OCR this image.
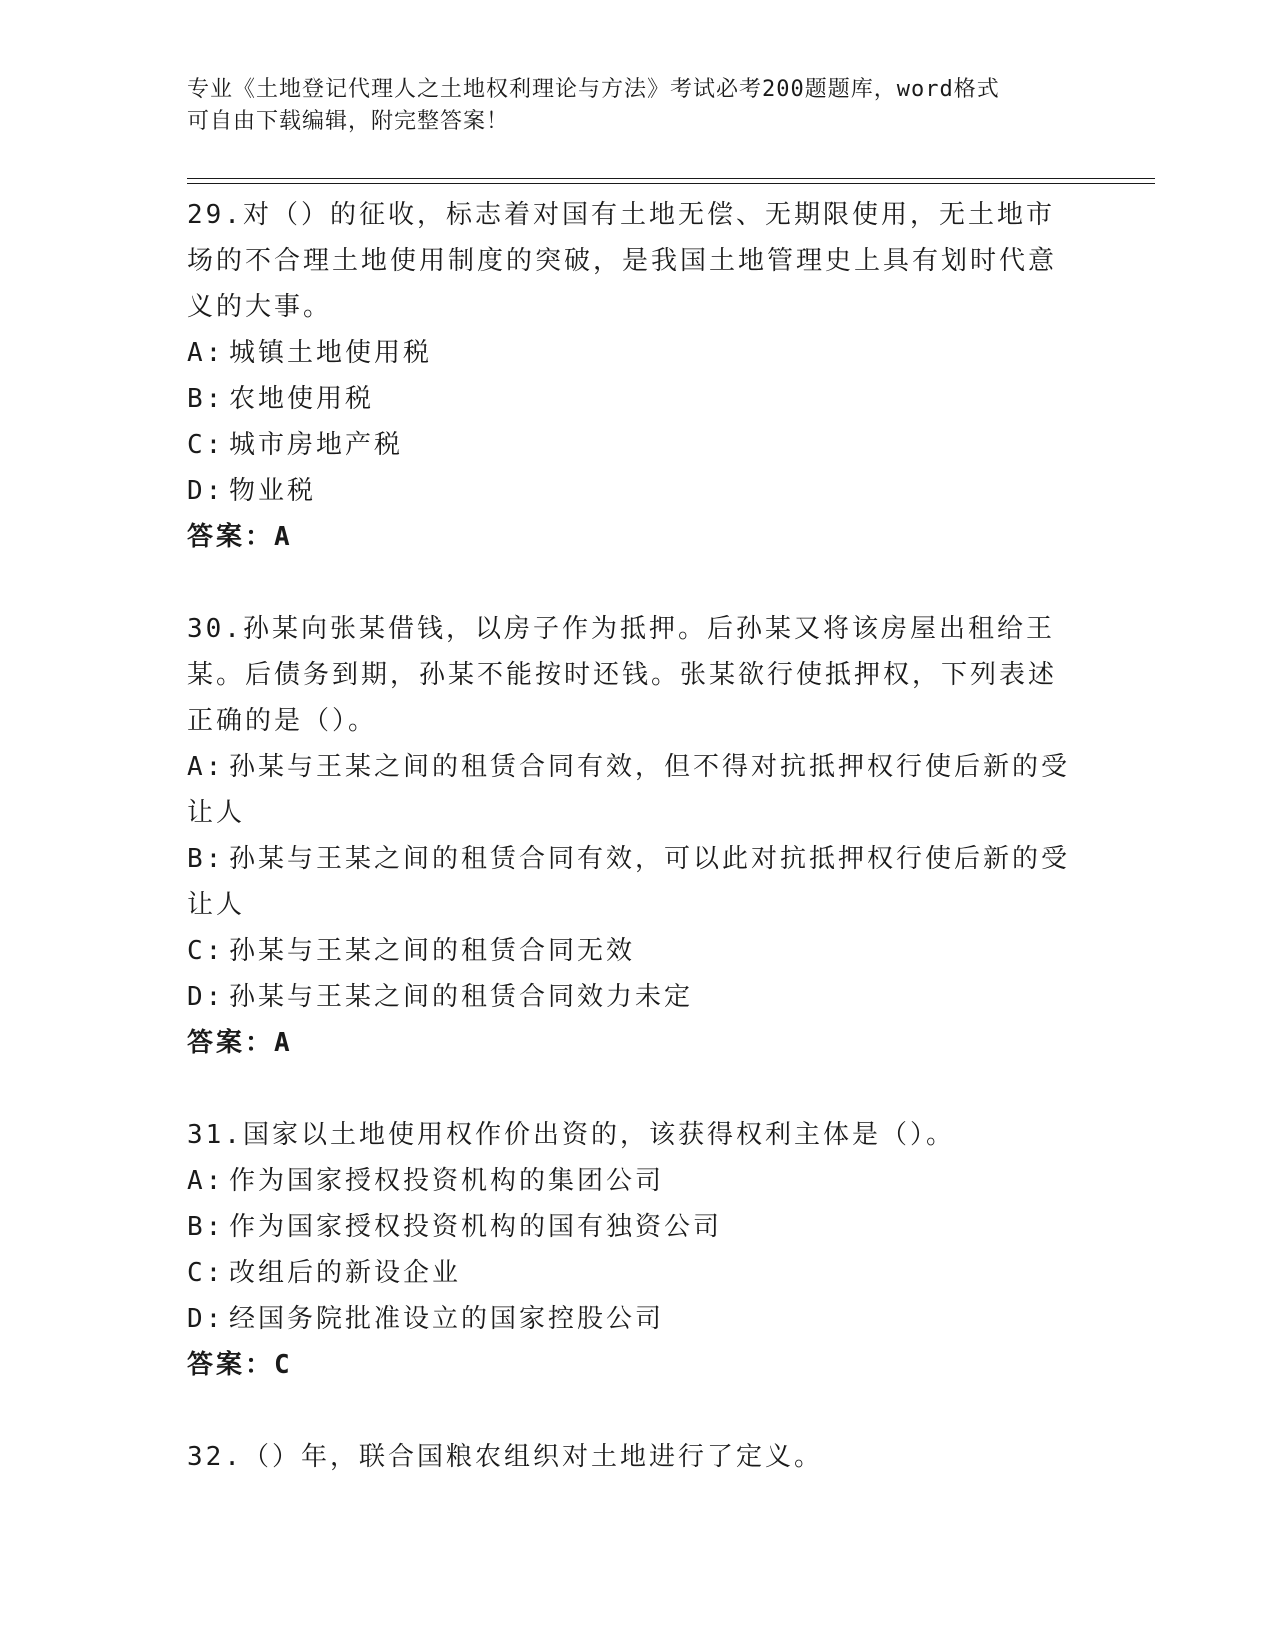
专业《土地登记代理人之土地权利理论与方法》考试必考200题题库，word格式
可自由下载编辑，附完整答案！

29.对（）的征收，标志着对国有土地无偿、无期限使用，无土地市场的不合理土地使用制度的突破，是我国土地管理史上具有划时代意义的大事。

A: 城镇土地使用税

B: 农地使用税

C: 城市房地产税

D: 物业税

答案：A

30.孙某向张某借钱，以房子作为抵押。后孙某又将该房屋出租给王某。后债务到期，孙某不能按时还钱。张某欲行使抵押权，下列表述正确的是（）。

A: 孙某与王某之间的租赁合同有效，但不得对抗抵押权行使后新的受让人

B: 孙某与王某之间的租赁合同有效，可以此对抗抵押权行使后新的受让人

C: 孙某与王某之间的租赁合同无效

D: 孙某与王某之间的租赁合同效力未定

答案：A

31.国家以土地使用权作价出资的，该获得权利主体是（）。

A: 作为国家授权投资机构的集团公司

B: 作为国家授权投资机构的国有独资公司

C: 改组后的新设企业

D: 经国务院批准设立的国家控股公司

答案：C

32.（）年，联合国粮农组织对土地进行了定义。
